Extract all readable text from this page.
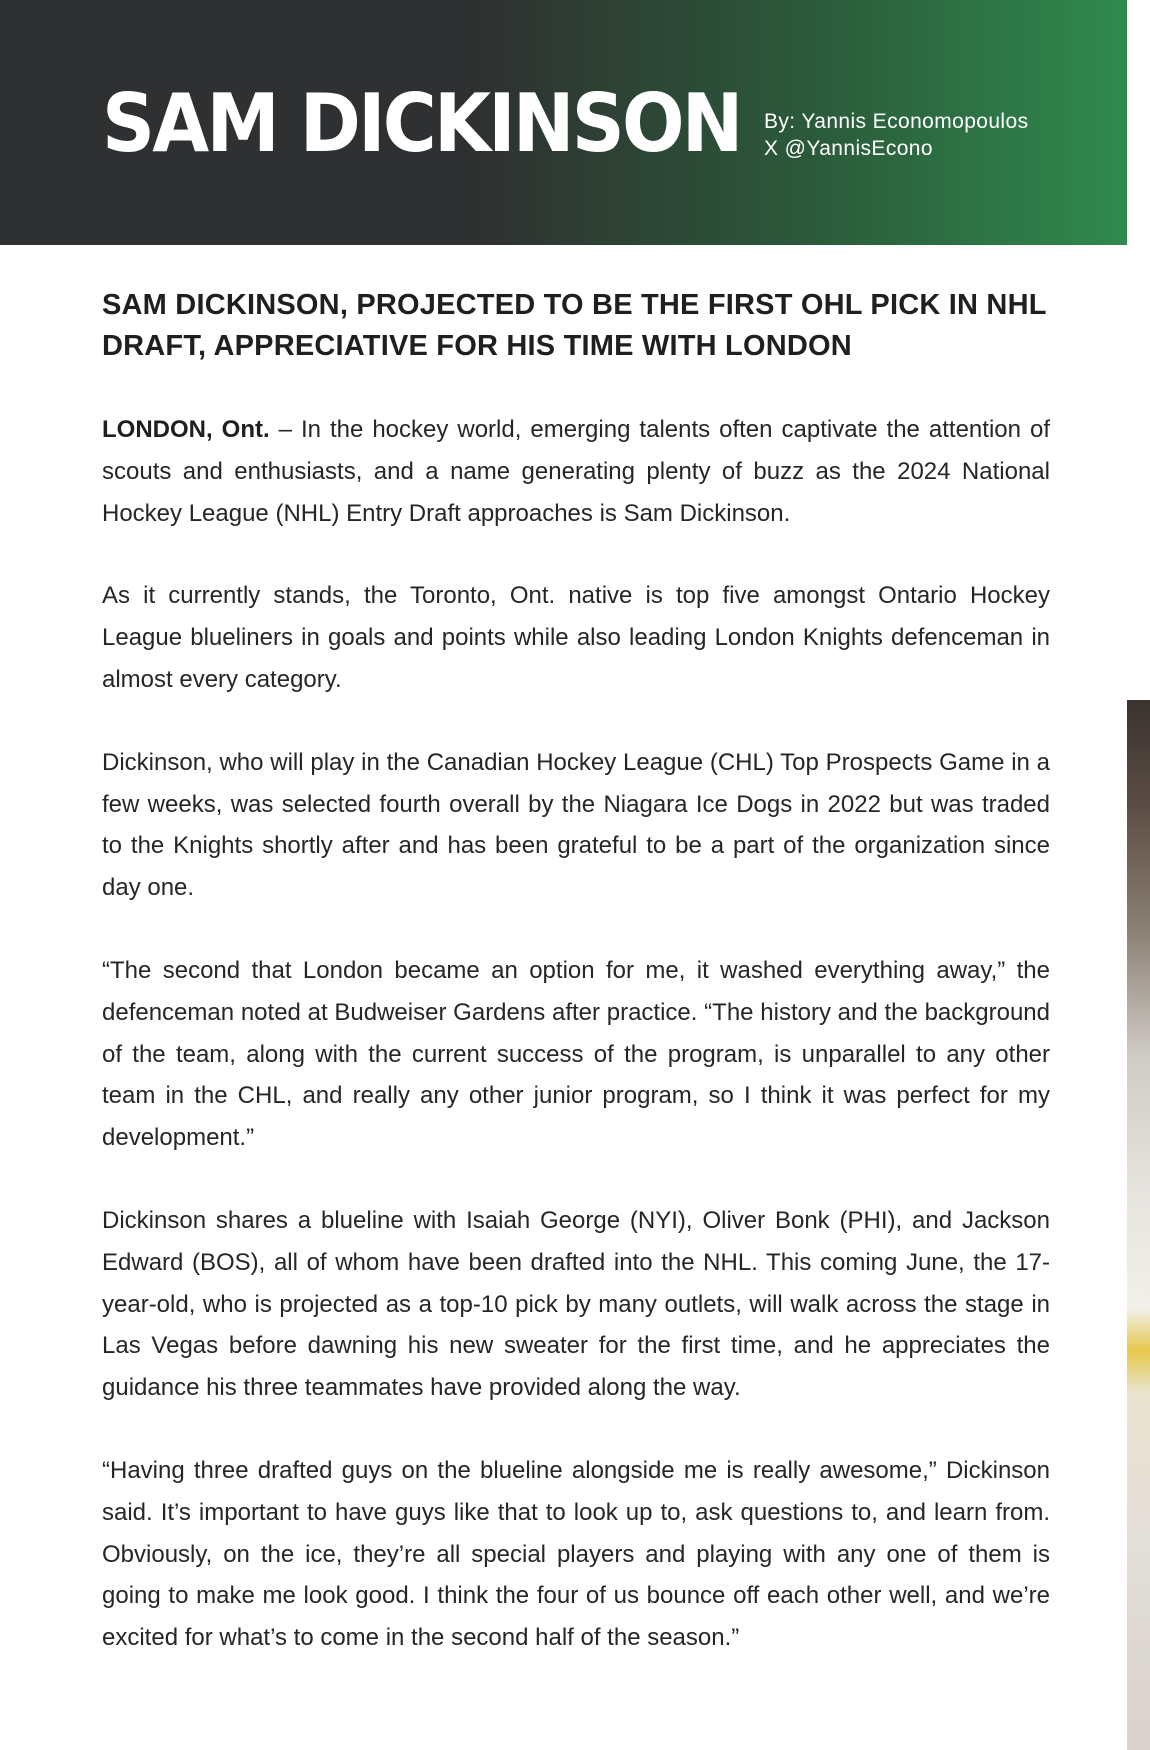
SAM DICKINSON By: Yannis Economopoulos
X @YannisEcono
SAM DICKINSON, PROJECTED TO BE THE FIRST OHL PICK IN NHL DRAFT, APPRECIATIVE FOR HIS TIME WITH LONDON

LONDON, Ont. – In the hockey world, emerging talents often captivate the attention of scouts and enthusiasts, and a name generating plenty of buzz as the 2024 National Hockey League (NHL) Entry Draft approaches is Sam Dickinson.

As it currently stands, the Toronto, Ont. native is top five amongst Ontario Hockey League blueliners in goals and points while also leading London Knights defenceman in almost every category.

Dickinson, who will play in the Canadian Hockey League (CHL) Top Prospects Game in a few weeks, was selected fourth overall by the Niagara Ice Dogs in 2022 but was traded to the Knights shortly after and has been grateful to be a part of the organization since day one.

“The second that London became an option for me, it washed everything away,” the defenceman noted at Budweiser Gardens after practice. “The history and the background of the team, along with the current success of the program, is unparallel to any other team in the CHL, and really any other junior program, so I think it was perfect for my development.”

Dickinson shares a blueline with Isaiah George (NYI), Oliver Bonk (PHI), and Jackson Edward (BOS), all of whom have been drafted into the NHL. This coming June, the 17-year-old, who is projected as a top-10 pick by many outlets, will walk across the stage in Las Vegas before dawning his new sweater for the first time, and he appreciates the guidance his three teammates have provided along the way.

“Having three drafted guys on the blueline alongside me is really awesome,” Dickinson said. It’s important to have guys like that to look up to, ask questions to, and learn from. Obviously, on the ice, they’re all special players and playing with any one of them is going to make me look good. I think the four of us bounce off each other well, and we’re excited for what’s to come in the second half of the season.”
